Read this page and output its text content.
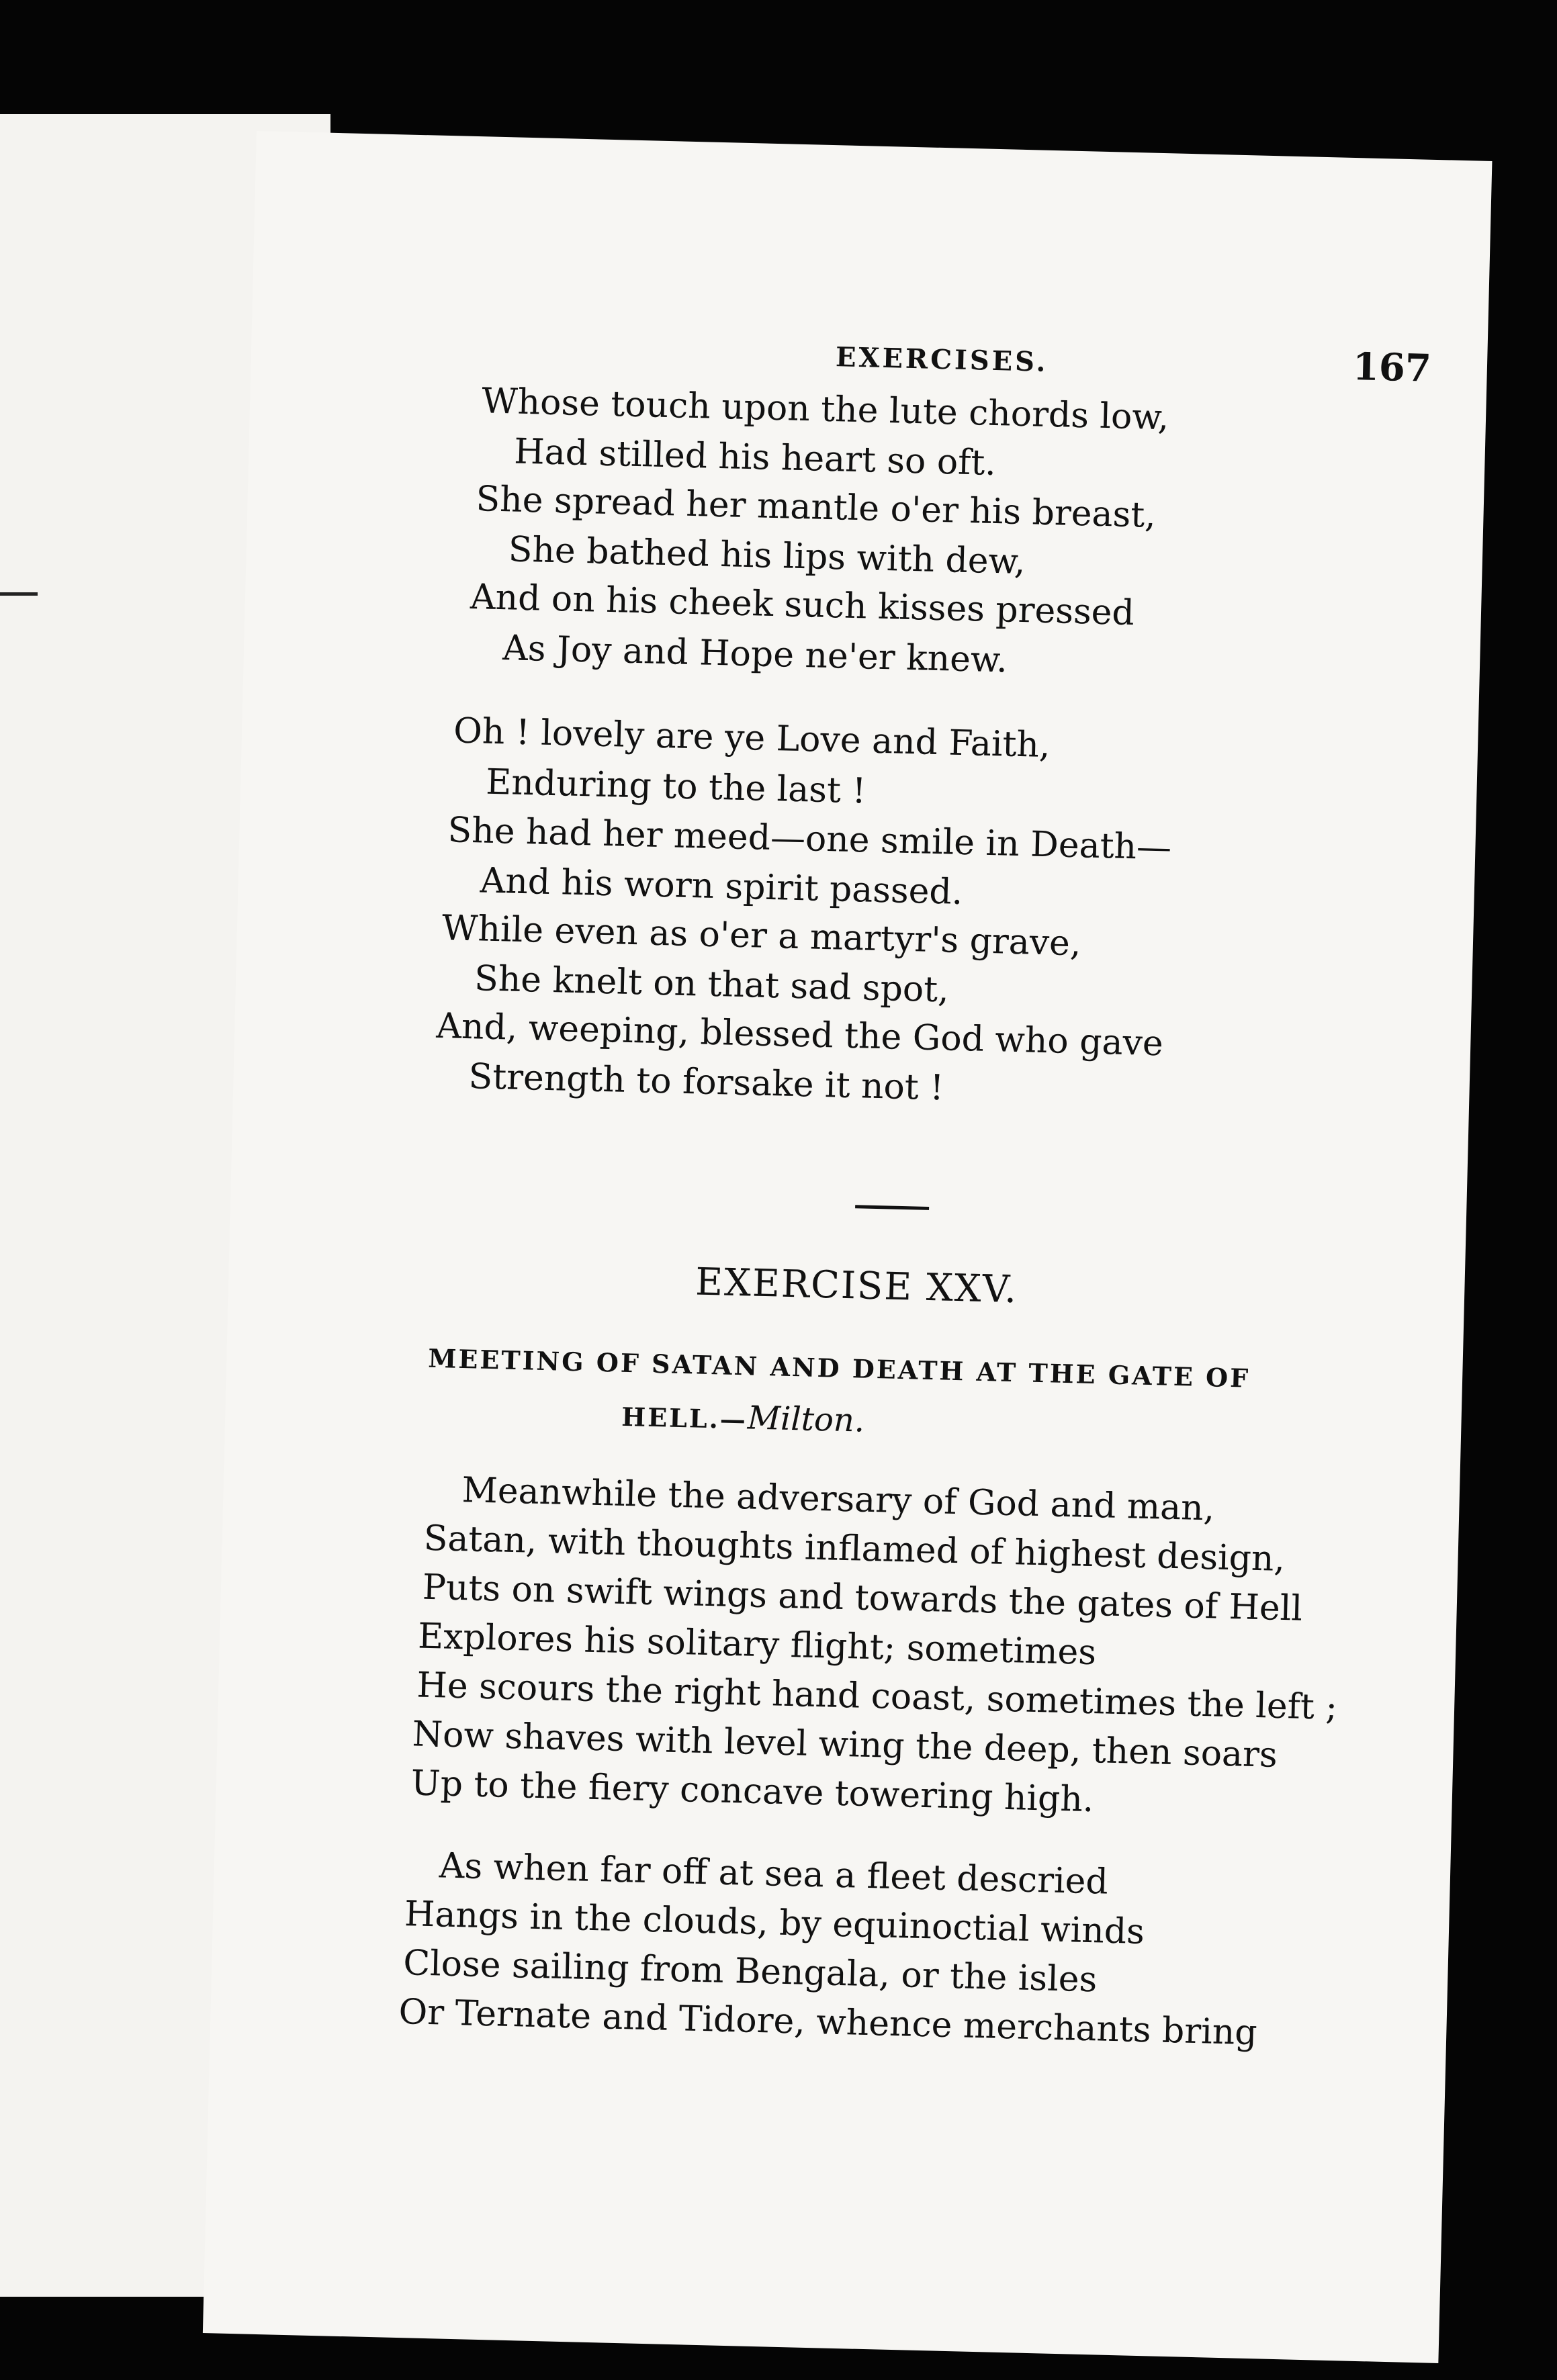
EXERCISES.	167
Whose touch upon the lute chords low,
Had stilled his heart so oft.
She spread her mantle o'er his breast,
She bathed his lips with dew,
And on his cheek such kisses pressed
As Joy and Hope ne'er knew.
Oh ! lovely are ye Love and Faith,
Enduring to the last !
She had her meed—one smile in Death—
And his worn spirit passed.
While even as o'er a martyr's grave,
She knelt on that sad spot,
And, weeping, blessed the God who gave
Strength to forsake it not !
EXERCISE XXV.
MEETING OF SATAN AND DEATH AT THE GATE OF
HELL.—Milton.
Meanwhile the adversary of God and man,
Satan, with thoughts inflamed of highest design,
Puts on swift wings and towards the gates of Hell
Explores his solitary flight; sometimes
He scours the right hand coast, sometimes the left ;
Now shaves with level wing the deep, then soars
Up to the fiery concave towering high.
As when far off at sea a fleet descried
Hangs in the clouds, by equinoctial winds
Close sailing from Bengala, or the isles
Or Ternate and Tidore, whence merchants bring
